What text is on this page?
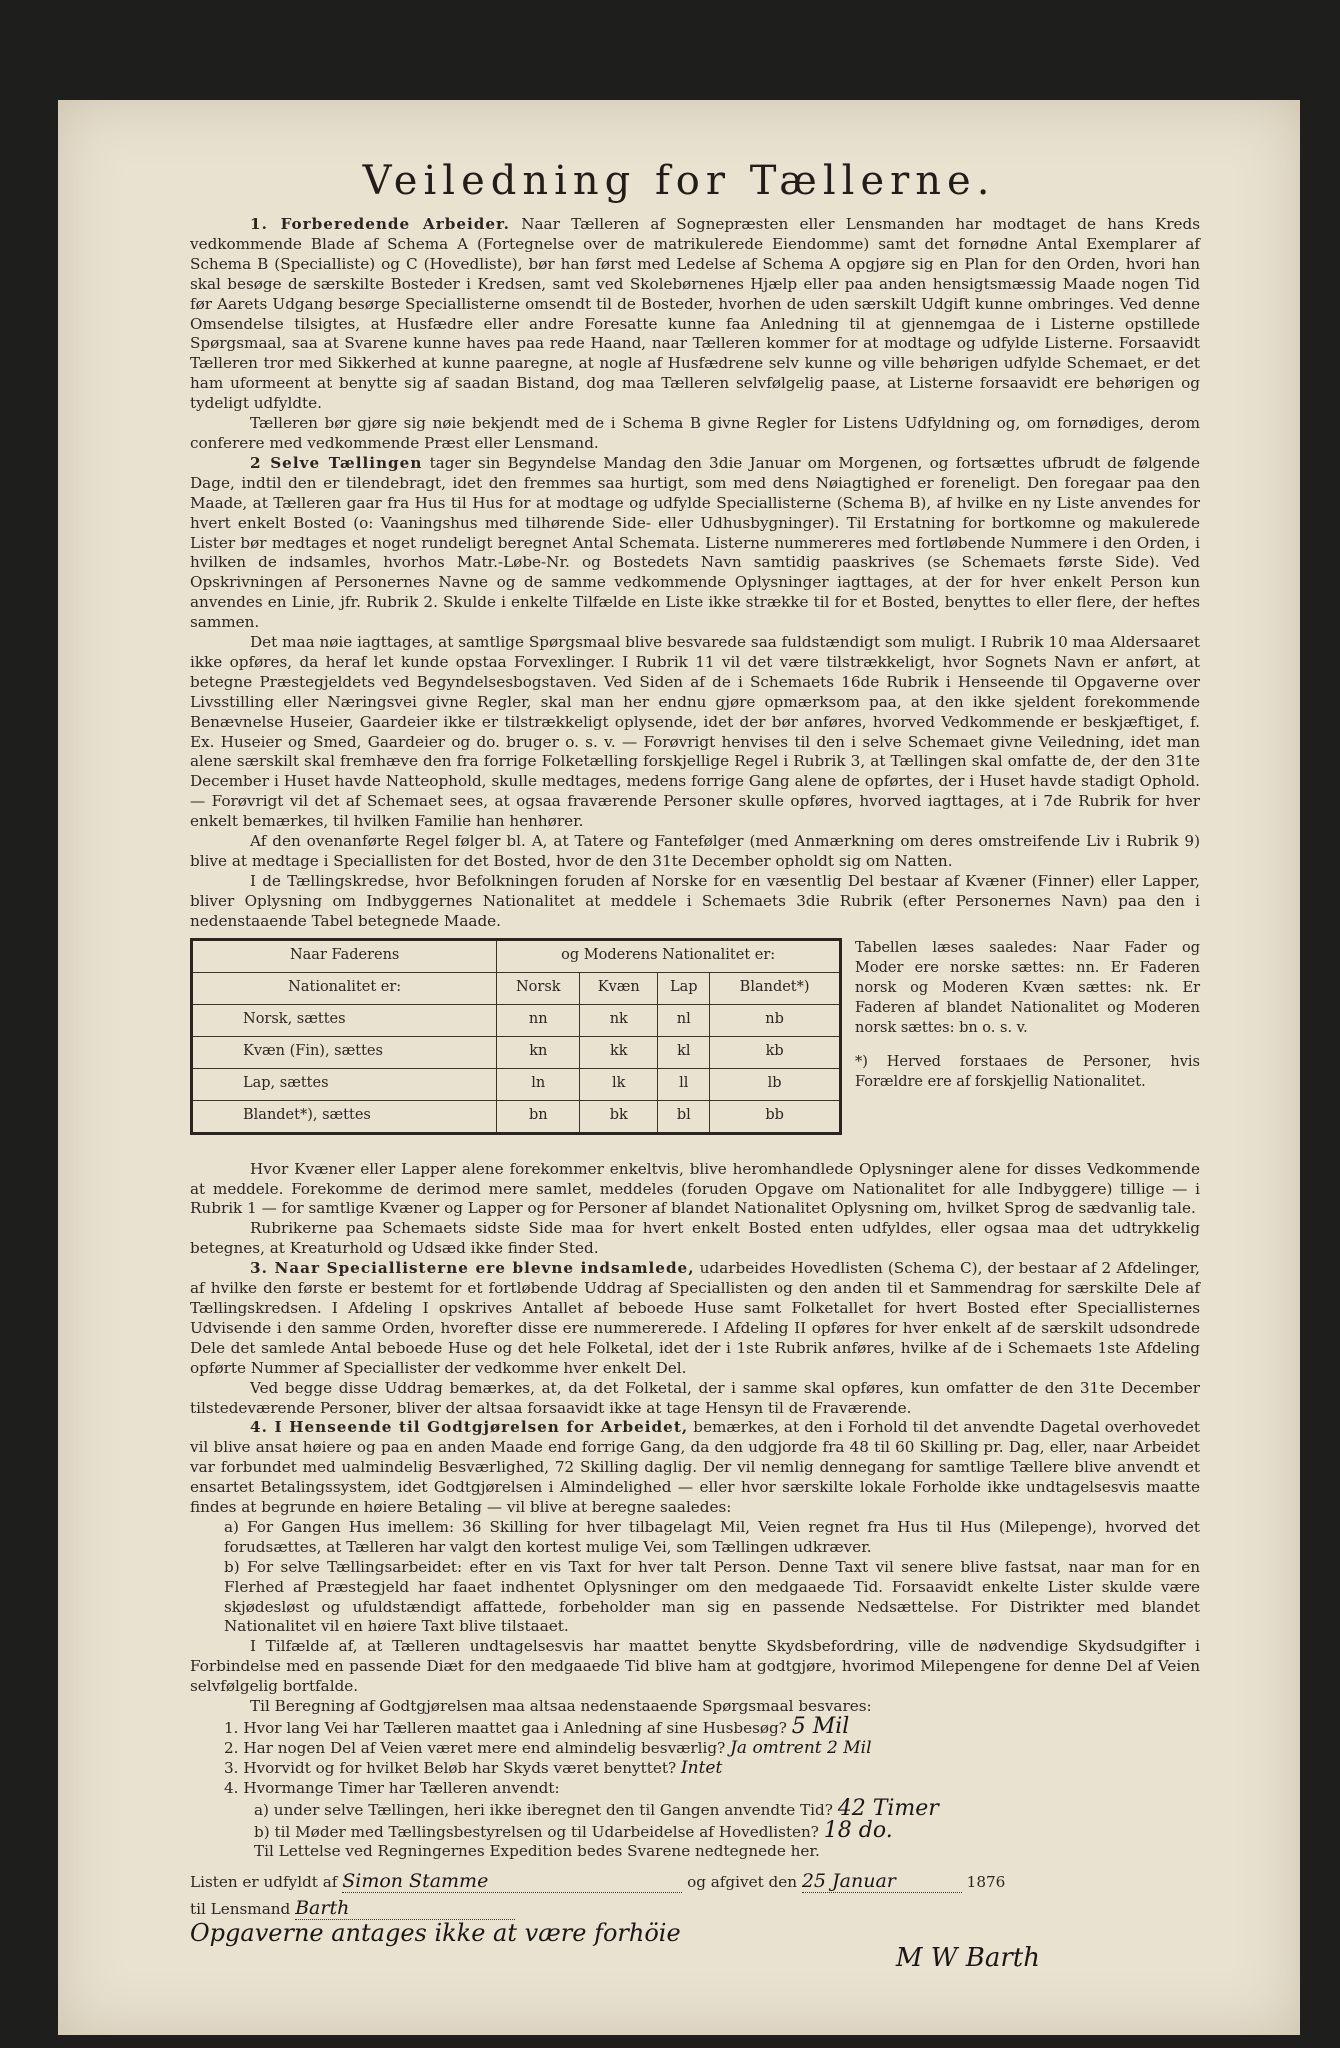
Veiledning for Tællerne.

1. Forberedende Arbeider. Naar Tælleren af Sognepræsten eller Lensmanden har modtaget de hans Kreds vedkommende Blade af Schema A (Fortegnelse over de matrikulerede Eiendomme) samt det fornødne Antal Exemplarer af Schema B (Specialliste) og C (Hovedliste), bør han først med Ledelse af Schema A opgjøre sig en Plan for den Orden, hvori han skal besøge de særskilte Bosteder i Kredsen, samt ved Skolebørnenes Hjælp eller paa anden hensigtsmæssig Maade nogen Tid før Aarets Udgang besørge Speciallisterne omsendt til de Bosteder, hvorhen de uden særskilt Udgift kunne ombringes. Ved denne Omsendelse tilsigtes, at Husfædre eller andre Foresatte kunne faa Anledning til at gjennemgaa de i Listerne opstillede Spørgsmaal, saa at Svarene kunne haves paa rede Haand, naar Tælleren kommer for at modtage og udfylde Listerne. Forsaavidt Tælleren tror med Sikkerhed at kunne paaregne, at nogle af Husfædrene selv kunne og ville behørigen udfylde Schemaet, er det ham uformeent at benytte sig af saadan Bistand, dog maa Tælleren selvfølgelig paase, at Listerne forsaavidt ere behørigen og tydeligt udfyldte.

Tælleren bør gjøre sig nøie bekjendt med de i Schema B givne Regler for Listens Udfyldning og, om fornødiges, derom conferere med vedkommende Præst eller Lensmand.

2 Selve Tællingen tager sin Begyndelse Mandag den 3die Januar om Morgenen, og fortsættes ufbrudt de følgende Dage, indtil den er tilendebragt, idet den fremmes saa hurtigt, som med dens Nøiagtighed er foreneligt. Den foregaar paa den Maade, at Tælleren gaar fra Hus til Hus for at modtage og udfylde Speciallisterne (Schema B), af hvilke en ny Liste anvendes for hvert enkelt Bosted (o: Vaaningshus med tilhørende Side- eller Udhusbygninger). Til Erstatning for bortkomne og makulerede Lister bør medtages et noget rundeligt beregnet Antal Schemata. Listerne nummereres med fortløbende Nummere i den Orden, i hvilken de indsamles, hvorhos Matr.-Løbe-Nr. og Bostedets Navn samtidig paaskrives (se Schemaets første Side). Ved Opskrivningen af Personernes Navne og de samme vedkommende Oplysninger iagttages, at der for hver enkelt Person kun anvendes en Linie, jfr. Rubrik 2. Skulde i enkelte Tilfælde en Liste ikke strække til for et Bosted, benyttes to eller flere, der heftes sammen.

Det maa nøie iagttages, at samtlige Spørgsmaal blive besvarede saa fuldstændigt som muligt. I Rubrik 10 maa Aldersaaret ikke opføres, da heraf let kunde opstaa Forvexlinger. I Rubrik 11 vil det være tilstrækkeligt, hvor Sognets Navn er anført, at betegne Præstegjeldets ved Begyndelsesbogstaven. Ved Siden af de i Schemaets 16de Rubrik i Henseende til Opgaverne over Livsstilling eller Næringsvei givne Regler, skal man her endnu gjøre opmærksom paa, at den ikke sjeldent forekommende Benævnelse Huseier, Gaardeier ikke er tilstrækkeligt oplysende, idet der bør anføres, hvorved Vedkommende er beskjæftiget, f. Ex. Huseier og Smed, Gaardeier og do. bruger o. s. v. — Forøvrigt henvises til den i selve Schemaet givne Veiledning, idet man alene særskilt skal fremhæve den fra forrige Folketælling forskjellige Regel i Rubrik 3, at Tællingen skal omfatte de, der den 31te December i Huset havde Natteophold, skulle medtages, medens forrige Gang alene de opførtes, der i Huset havde stadigt Ophold. — Forøvrigt vil det af Schemaet sees, at ogsaa fraværende Personer skulle opføres, hvorved iagttages, at i 7de Rubrik for hver enkelt bemærkes, til hvilken Familie han henhører.

Af den ovenanførte Regel følger bl. A, at Tatere og Fantefølger (med Anmærkning om deres omstreifende Liv i Rubrik 9) blive at medtage i Speciallisten for det Bosted, hvor de den 31te December opholdt sig om Natten.

I de Tællingskredse, hvor Befolkningen foruden af Norske for en væsentlig Del bestaar af Kvæner (Finner) eller Lapper, bliver Oplysning om Indbyggernes Nationalitet at meddele i Schemaets 3die Rubrik (efter Personernes Navn) paa den i nedenstaaende Tabel betegnede Maade.

Naar Faderens	og Moderens Nationalitet er:			
Nationalitet er:	Norsk	Kvæn	Lap	Blandet*)
Norsk, sættes	nn	nk	nl	nb
Kvæn (Fin), sættes	kn	kk	kl	kb
Lap, sættes	ln	lk	ll	lb
Blandet*), sættes	bn	bk	bl	bb

Tabellen læses saaledes: Naar Fader og Moder ere norske sættes: nn. Er Faderen norsk og Moderen Kvæn sættes: nk. Er Faderen af blandet Nationalitet og Moderen norsk sættes: bn o. s. v.

*) Herved forstaaes de Personer, hvis Forældre ere af forskjellig Nationalitet.

Hvor Kvæner eller Lapper alene forekommer enkeltvis, blive heromhandlede Oplysninger alene for disses Vedkommende at meddele. Forekomme de derimod mere samlet, meddeles (foruden Opgave om Nationalitet for alle Indbyggere) tillige — i Rubrik 1 — for samtlige Kvæner og Lapper og for Personer af blandet Nationalitet Oplysning om, hvilket Sprog de sædvanlig tale.

Rubrikerne paa Schemaets sidste Side maa for hvert enkelt Bosted enten udfyldes, eller ogsaa maa det udtrykkelig betegnes, at Kreaturhold og Udsæd ikke finder Sted.

3. Naar Speciallisterne ere blevne indsamlede, udarbeides Hovedlisten (Schema C), der bestaar af 2 Afdelinger, af hvilke den første er bestemt for et fortløbende Uddrag af Speciallisten og den anden til et Sammendrag for særskilte Dele af Tællingskredsen. I Afdeling I opskrives Antallet af beboede Huse samt Folketallet for hvert Bosted efter Speciallisternes Udvisende i den samme Orden, hvorefter disse ere nummererede. I Afdeling II opføres for hver enkelt af de særskilt udsondrede Dele det samlede Antal beboede Huse og det hele Folketal, idet der i 1ste Rubrik anføres, hvilke af de i Schemaets 1ste Afdeling opførte Nummer af Speciallister der vedkomme hver enkelt Del.

Ved begge disse Uddrag bemærkes, at, da det Folketal, der i samme skal opføres, kun omfatter de den 31te December tilstedeværende Personer, bliver der altsaa forsaavidt ikke at tage Hensyn til de Fraværende.

4. I Henseende til Godtgjørelsen for Arbeidet, bemærkes, at den i Forhold til det anvendte Dagetal overhovedet vil blive ansat høiere og paa en anden Maade end forrige Gang, da den udgjorde fra 48 til 60 Skilling pr. Dag, eller, naar Arbeidet var forbundet med ualmindelig Besværlighed, 72 Skilling daglig. Der vil nemlig dennegang for samtlige Tællere blive anvendt et ensartet Betalingssystem, idet Godtgjørelsen i Almindelighed — eller hvor særskilte lokale Forholde ikke undtagelsesvis maatte findes at begrunde en høiere Betaling — vil blive at beregne saaledes:

a) For Gangen Hus imellem: 36 Skilling for hver tilbagelagt Mil, Veien regnet fra Hus til Hus (Milepenge), hvorved det forudsættes, at Tælleren har valgt den kortest mulige Vei, som Tællingen udkræver.

b) For selve Tællingsarbeidet: efter en vis Taxt for hver talt Person. Denne Taxt vil senere blive fastsat, naar man for en Flerhed af Præstegjeld har faaet indhentet Oplysninger om den medgaaede Tid. Forsaavidt enkelte Lister skulde være skjødesløst og ufuldstændigt affattede, forbeholder man sig en passende Nedsættelse. For Distrikter med blandet Nationalitet vil en høiere Taxt blive tilstaaet.

I Tilfælde af, at Tælleren undtagelsesvis har maattet benytte Skydsbefordring, ville de nødvendige Skydsudgifter i Forbindelse med en passende Diæt for den medgaaede Tid blive ham at godtgjøre, hvorimod Milepengene for denne Del af Veien selvfølgelig bortfalde.

Til Beregning af Godtgjørelsen maa altsaa nedenstaaende Spørgsmaal besvares:

1. Hvor lang Vei har Tælleren maattet gaa i Anledning af sine Husbesøg? 5 Mil
2. Har nogen Del af Veien været mere end almindelig besværlig? Ja omtrent 2 Mil
3. Hvorvidt og for hvilket Beløb har Skyds været benyttet? Intet
4. Hvormange Timer har Tælleren anvendt:
a) under selve Tællingen, heri ikke iberegnet den til Gangen anvendte Tid? 42 Timer
b) til Møder med Tællingsbestyrelsen og til Udarbeidelse af Hovedlisten? 18 do.
Til Lettelse ved Regningernes Expedition bedes Svarene nedtegnede her.
Listen er udfyldt af Simon Stamme	og afgivet den 25 Januar	1876
til Lensmand Barth
Opgaverne antages ikke at være forhöie
M W Barth
